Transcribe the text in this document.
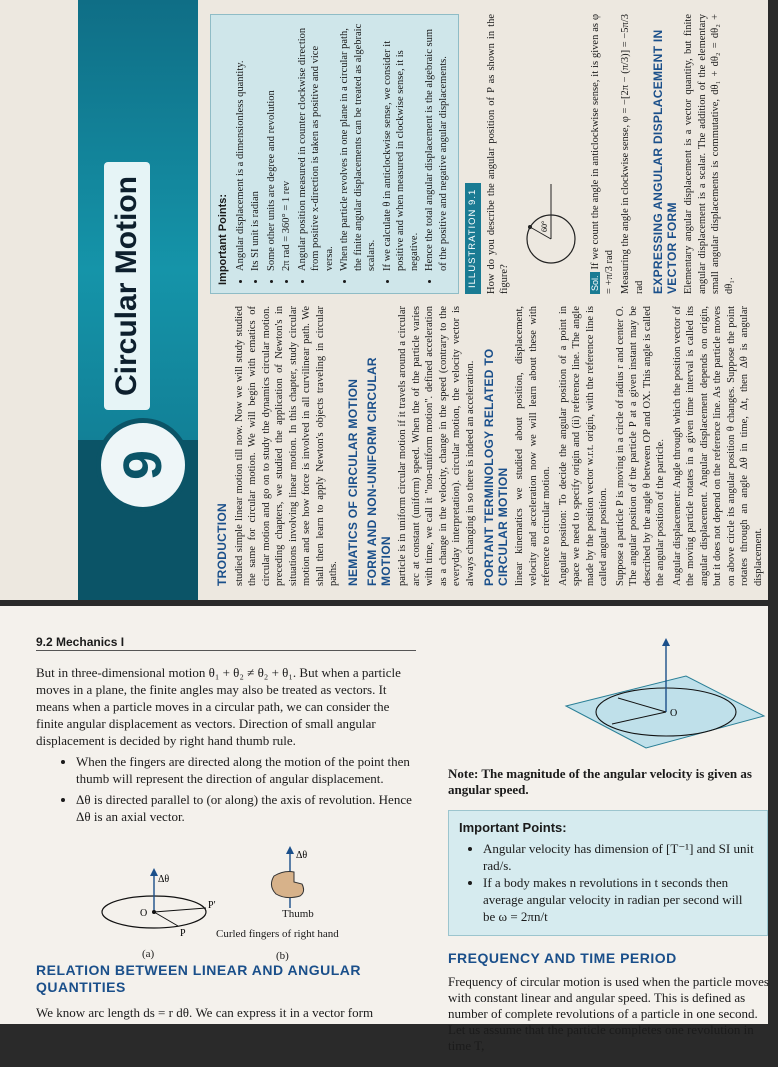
9
Circular Motion
TRODUCTION studied simple linear motion till now. Now we will study studied the same for circular motion. We will begin with ematics of circular motion and go on to study the dynamics circular motion. preceding chapters, we studied the application of Newton's in situations involving linear motion. In this chapter, study circular motion and see how force is involved in all curvilinear path. We shall then learn to apply Newton's objects traveling in circular paths. NEMATICS OF CIRCULAR MOTION FORM AND NON-UNIFORM CIRCULAR MOTION particle is in uniform circular motion if it travels around a circular arc at constant (uniform) speed. When the of the particle varies with time, we call it "non-uniform motion". defined acceleration as a change in the velocity, change in the speed (contrary to the everyday interpretation). circular motion, the velocity vector is always changing in so there is indeed an acceleration. PORTANT TERMINOLOGY RELATED TO CIRCULAR MOTION linear kinematics we studied about position, displacement, velocity and acceleration now we will learn about these with reference to circular motion. Angular position: To decide the angular position of a point in space we need to specify origin and (ii) reference line. The angle made by the position vector w.r.t. origin, with the reference line is called angular position. Suppose a particle P is moving in a circle of radius r and center O. The angular position of the particle P at a given instant may be described by the angle θ between OP and OX. This angle is called the angular position of the particle. Angular displacement: Angle through which the position vector of the moving particle rotates in a given time interval is called its angular displacement. Angular displacement depends on origin, but it does not depend on the reference line. As the particle moves on above circle its angular position θ changes. Suppose the point rotates through an angle Δθ in time, Δt, then Δθ is angular displacement.

Important Points: • Angular displacement is a dimensionless quantity. • Its SI unit is radian • Some other units are degree and revolution • 2π rad = 360° = 1 rev • Angular position measured in counter clockwise direction from positive x-direction is taken as positive and vice versa. • When the particle revolves in one plane in a circular path, the finite angular displacements can be treated as algebraic scalars. • If we calculate θ in anticlockwise sense, we consider it positive and when measured in clockwise sense, it is negative. • Hence the total angular displacement is the algebraic sum of the positive and negative angular displacements. ILLUSTRATION 9.1 How do you describe the angular position of P as shown in the figure?

60°

Sol. If we count the angle in anticlockwise sense, it is given as φ = +π/3 rad Measuring the angle in clockwise sense, φ = −[2π − (π/3)] = −5π/3 rad EXPRESSING ANGULAR DISPLACEMENT IN VECTOR FORM Elementary angular displacement is a vector quantity, but finite angular displacement is a scalar. The addition of the elementary small angular displacements is commutative, dθ₁ + dθ₂ = dθ₂ + dθ₁.

9.2 Mechanics I

But in three-dimensional motion θ₁ + θ₂ ≠ θ₂ + θ₁. But when a particle moves in a plane, the finite angles may also be treated as vectors. It means when a particle moves in a circular path, we can consider the finite angular displacement as vectors. Direction of small angular displacement is decided by right hand thumb rule.

• When the fingers are directed along the motion of the point then thumb will represent the direction of angular displacement.
• Δθ is directed parallel to (or along) the axis of revolution. Hence Δθ is an axial vector.
Δθ
O
P
P′
(a)
Δθ
Thumb
Curled fingers of right hand
(b)

RELATION BETWEEN LINEAR AND ANGULAR QUANTITIES

We know arc length ds = r dθ. We can express it in a vector form
O
Note: The magnitude of the angular velocity is given as angular speed.
Important Points:
• Angular velocity has dimension of [T⁻¹] and SI unit rad/s.
• If a body makes n revolutions in t seconds then average angular velocity in radian per second will be ω = 2πn/t

FREQUENCY AND TIME PERIOD

Frequency of circular motion is used when the particle moves with constant linear and angular speed. This is defined as number of complete revolutions of a particle in one second. Let us assume that the particle completes one revolution in time T,
